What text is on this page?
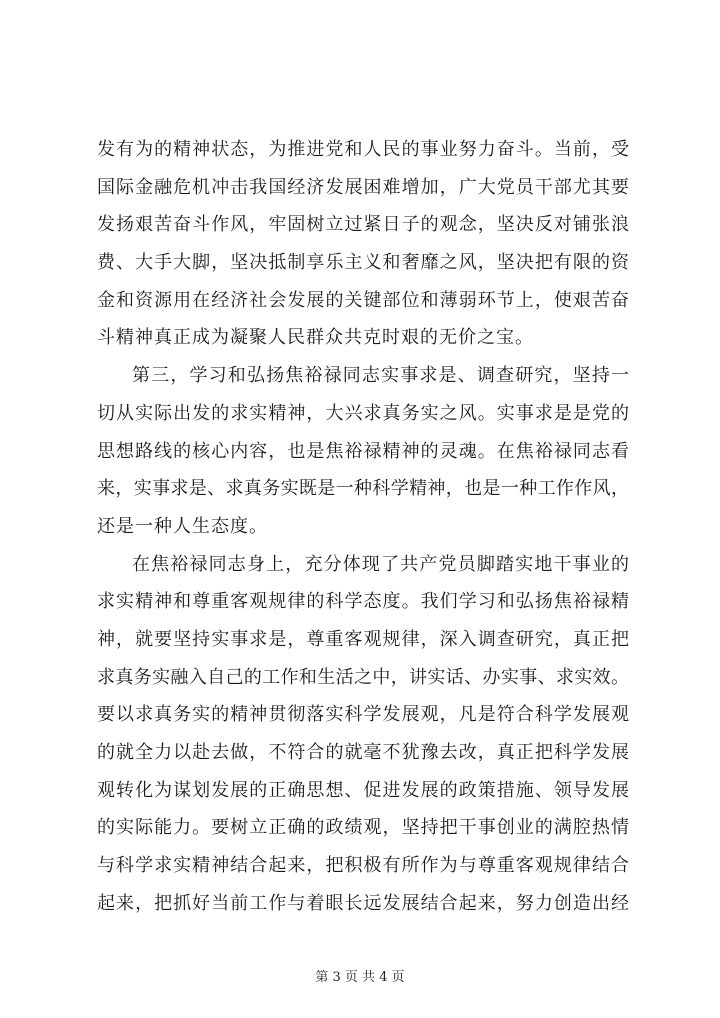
发有为的精神状态，为推进党和人民的事业努力奋斗。当前，受
国际金融危机冲击我国经济发展困难增加，广大党员干部尤其要
发扬艰苦奋斗作风，牢固树立过紧日子的观念，坚决反对铺张浪
费、大手大脚，坚决抵制享乐主义和奢靡之风，坚决把有限的资
金和资源用在经济社会发展的关键部位和薄弱环节上，使艰苦奋
斗精神真正成为凝聚人民群众共克时艰的无价之宝。
第三，学习和弘扬焦裕禄同志实事求是、调查研究，坚持一
切从实际出发的求实精神，大兴求真务实之风。实事求是是党的
思想路线的核心内容，也是焦裕禄精神的灵魂。在焦裕禄同志看
来，实事求是、求真务实既是一种科学精神，也是一种工作作风，
还是一种人生态度。
在焦裕禄同志身上，充分体现了共产党员脚踏实地干事业的
求实精神和尊重客观规律的科学态度。我们学习和弘扬焦裕禄精
神，就要坚持实事求是，尊重客观规律，深入调查研究，真正把
求真务实融入自己的工作和生活之中，讲实话、办实事、求实效。
要以求真务实的精神贯彻落实科学发展观，凡是符合科学发展观
的就全力以赴去做，不符合的就毫不犹豫去改，真正把科学发展
观转化为谋划发展的正确思想、促进发展的政策措施、领导发展
的实际能力。要树立正确的政绩观，坚持把干事创业的满腔热情
与科学求实精神结合起来，把积极有所作为与尊重客观规律结合
起来，把抓好当前工作与着眼长远发展结合起来，努力创造出经
第 3 页 共 4 页
